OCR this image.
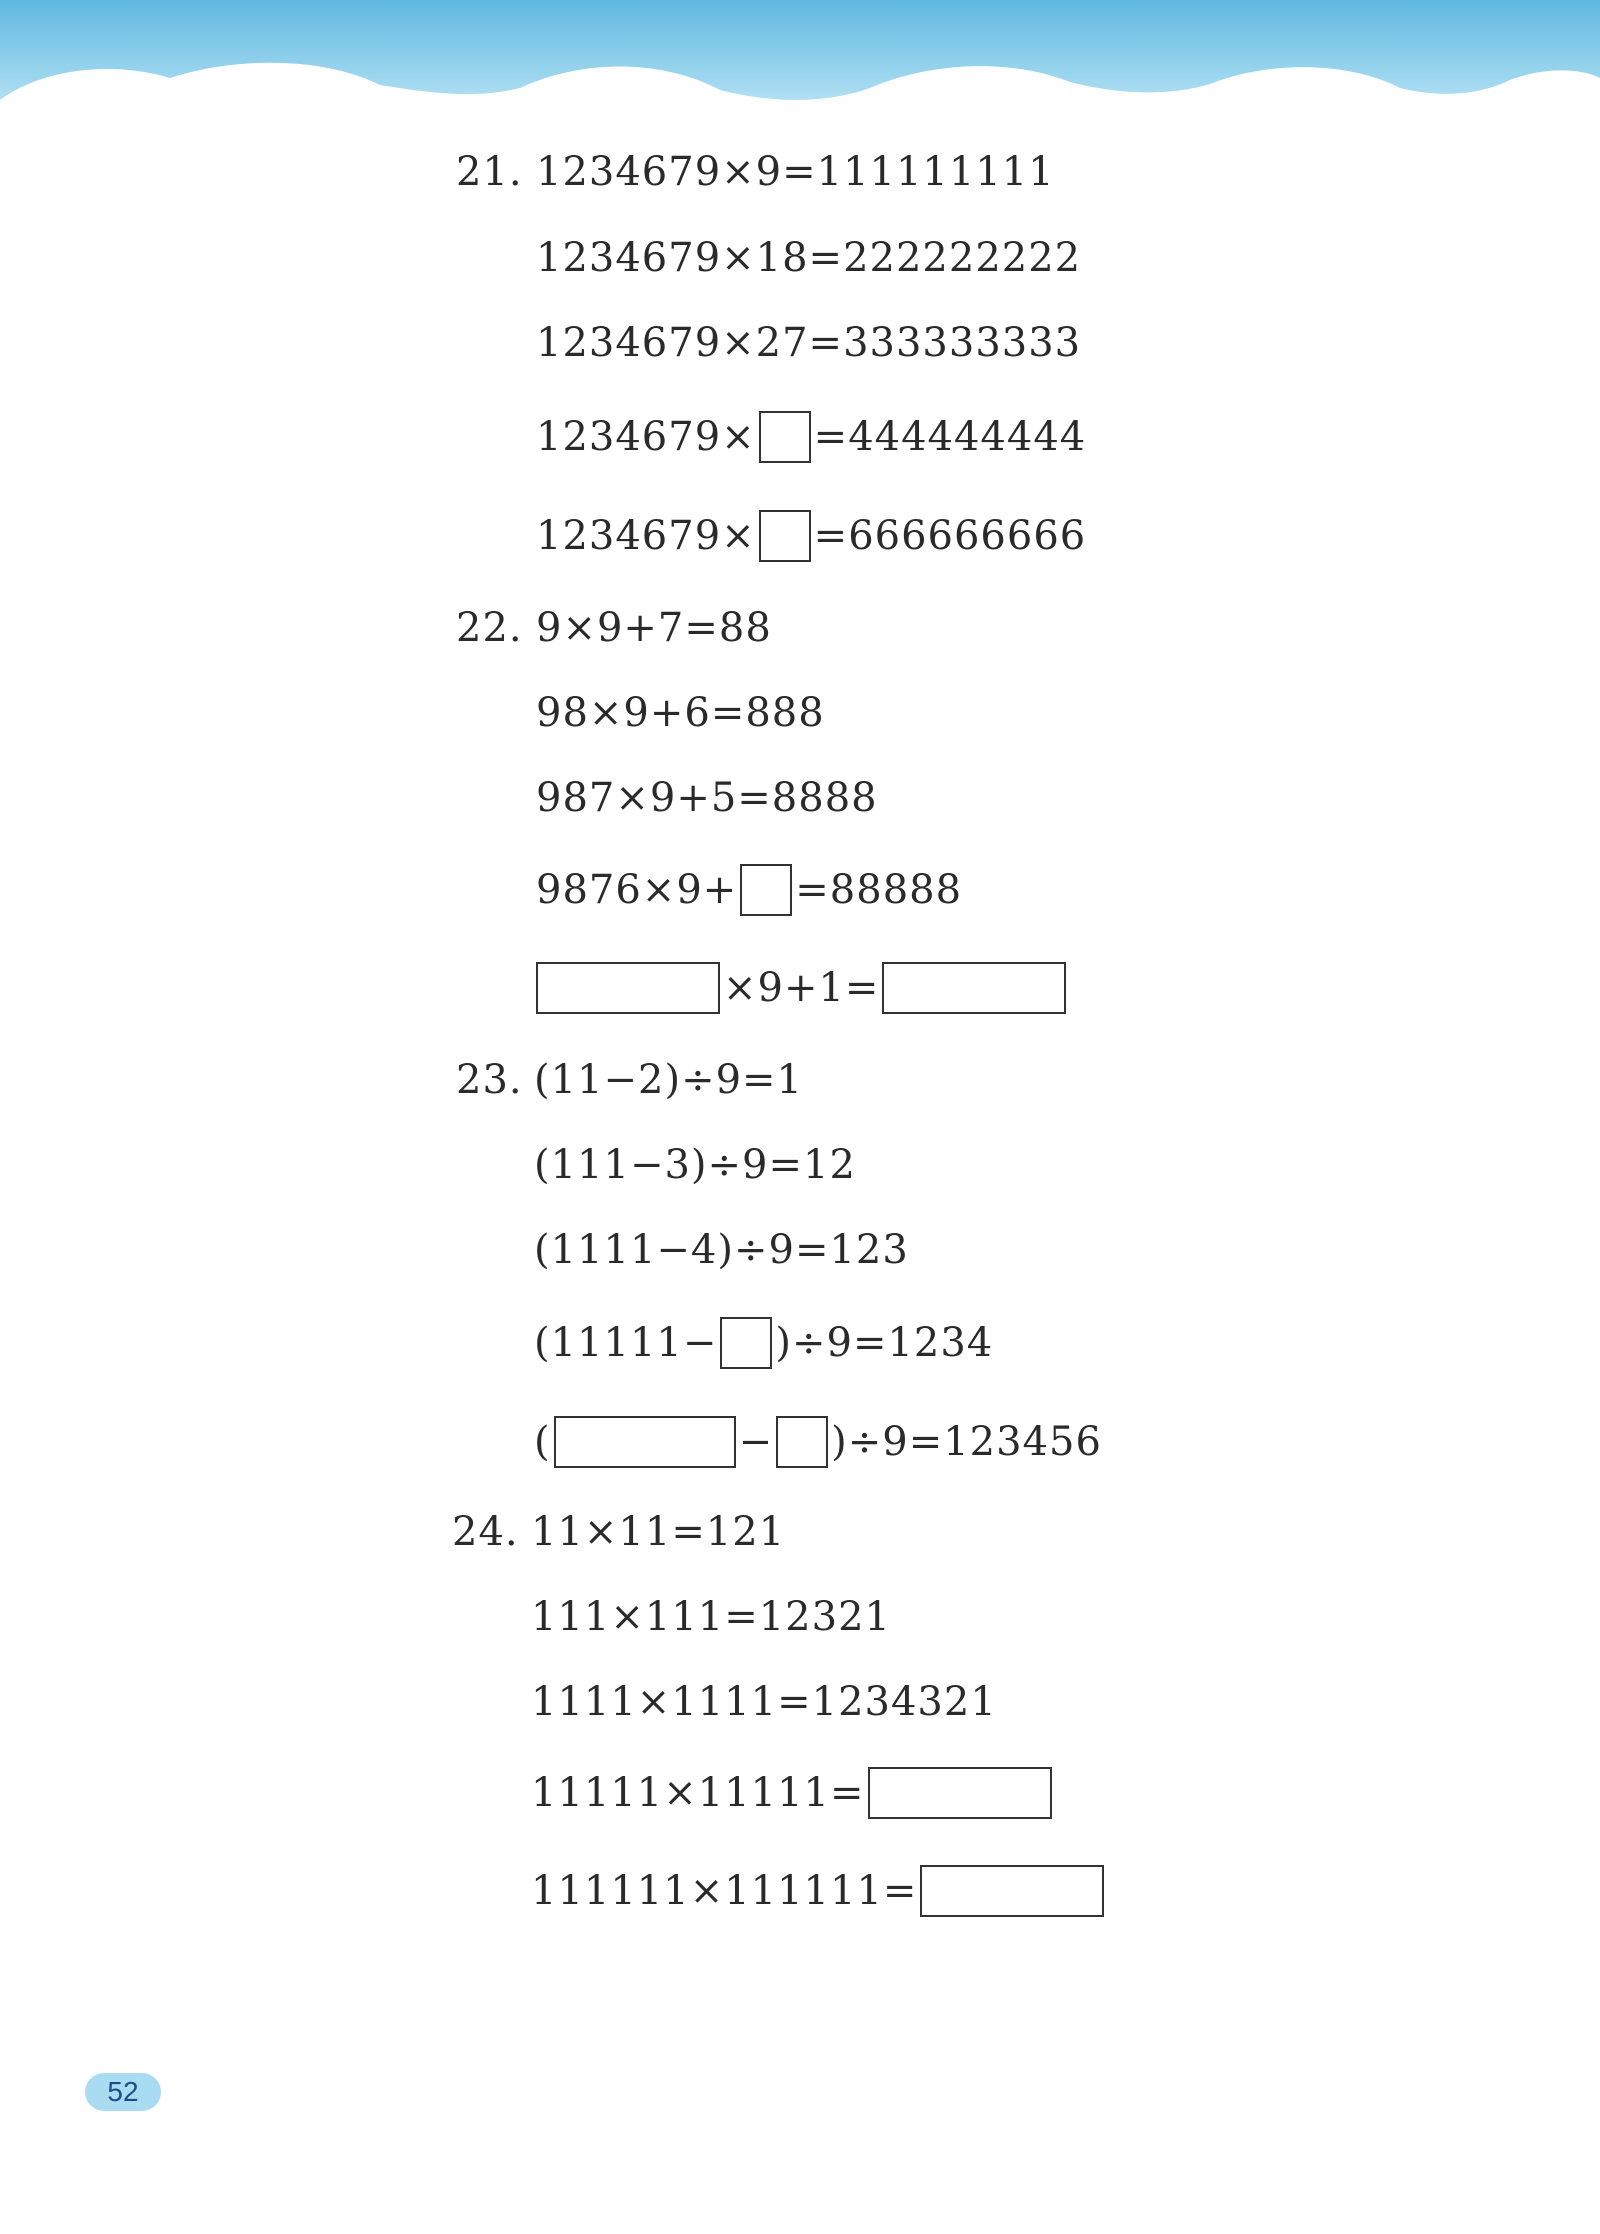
21. 1234679×9=111111111
1234679×18=222222222
1234679×27=333333333
1234679× =444444444
1234679× =666666666
22. 9×9+7=88
98×9+6=888
987×9+5=8888
9876×9+ =88888
×9+1=
23. (11−2)÷9=1
(111−3)÷9=12
(1111−4)÷9=123
(11111− )÷9=1234
(	− )÷9=123456
24. 11×11=121
111×111=12321
1111×1111=1234321
11111×11111=
111111×111111=
52
